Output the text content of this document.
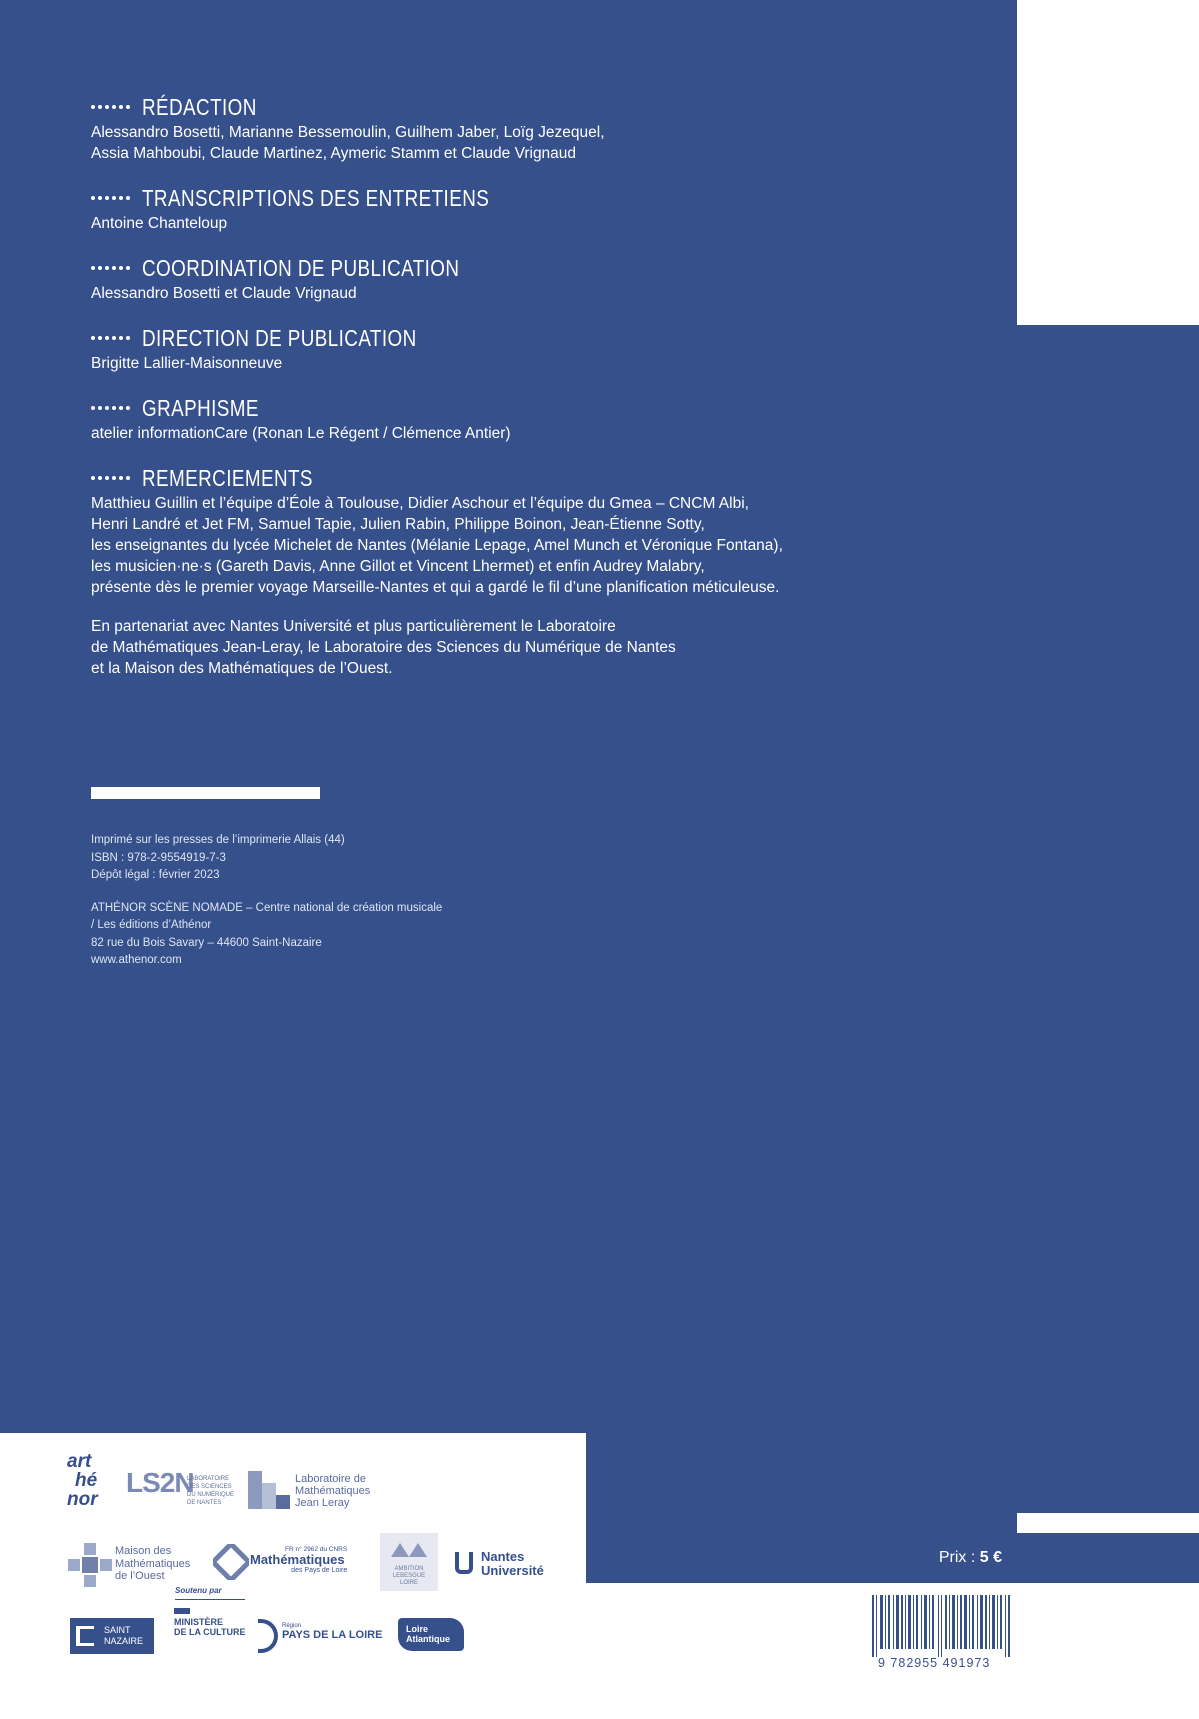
RÉDACTION
Alessandro Bosetti, Marianne Bessemoulin, Guilhem Jaber, Loïg Jezequel,
Assia Mahboubi, Claude Martinez, Aymeric Stamm et Claude Vrignaud
TRANSCRIPTIONS DES ENTRETIENS
Antoine Chanteloup
COORDINATION DE PUBLICATION
Alessandro Bosetti et Claude Vrignaud
DIRECTION DE PUBLICATION
Brigitte Lallier-Maisonneuve
GRAPHISME
atelier informationCare (Ronan Le Régent / Clémence Antier)
REMERCIEMENTS
Matthieu Guillin et l’équipe d’Éole à Toulouse, Didier Aschour et l’équipe du Gmea – CNCM Albi,
Henri Landré et Jet FM, Samuel Tapie, Julien Rabin, Philippe Boinon, Jean-Étienne Sotty,
les enseignantes du lycée Michelet de Nantes (Mélanie Lepage, Amel Munch et Véronique Fontana),
les musicien·ne·s (Gareth Davis, Anne Gillot et Vincent Lhermet) et enfin Audrey Malabry,
présente dès le premier voyage Marseille-Nantes et qui a gardé le fil d’une planification méticuleuse.
En partenariat avec Nantes Université et plus particulièrement le Laboratoire
de Mathématiques Jean-Leray, le Laboratoire des Sciences du Numérique de Nantes
et la Maison des Mathématiques de l’Ouest.
Imprimé sur les presses de l’imprimerie Allais (44)
ISBN : 978-2-9554919-7-3
Dépôt légal : février 2023
ATHÉNOR SCÈNE NOMADE – Centre national de création musicale
/ Les éditions d’Athénor
82 rue du Bois Savary – 44600 Saint-Nazaire
www.athenor.com
Prix : 5 €
9 782955 491973
art
hé
nor
LS2N
LABORATOIRE
DES SCIENCES
DU NUMÉRIQUE
DE NANTES
Laboratoire de
Mathématiques
Jean Leray
Maison des
Mathématiques
de l’Ouest
FR n° 2962 du CNRS
Mathématiques
des Pays de Loire	AMBITION
LEBESGUE
LOIRE
Nantes
Université
Soutenu par
SAINT
NAZAIRE
MINISTÈRE
DE LA CULTURE
Région
PAYS DE LA LOIRE	Loire
Atlantique
